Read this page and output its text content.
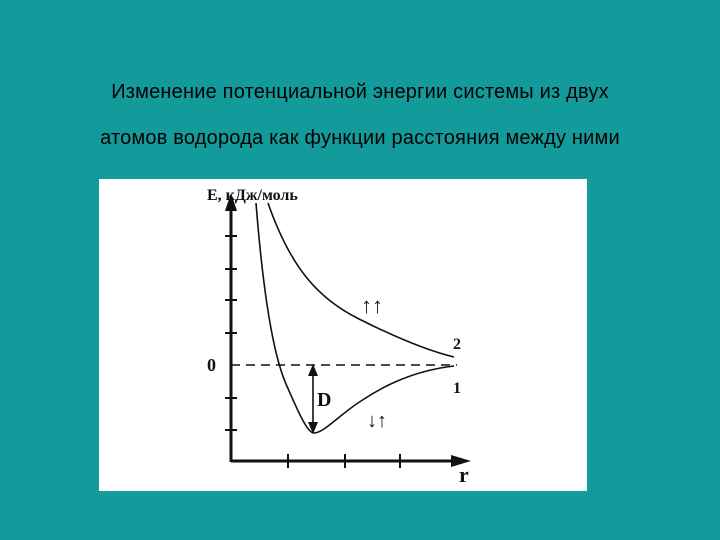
Изменение потенциальной энергии системы из двух
атомов водорода как функции расстояния между ними
E, кДж/моль
0
D
2
1
r
↑↑
↓↑
